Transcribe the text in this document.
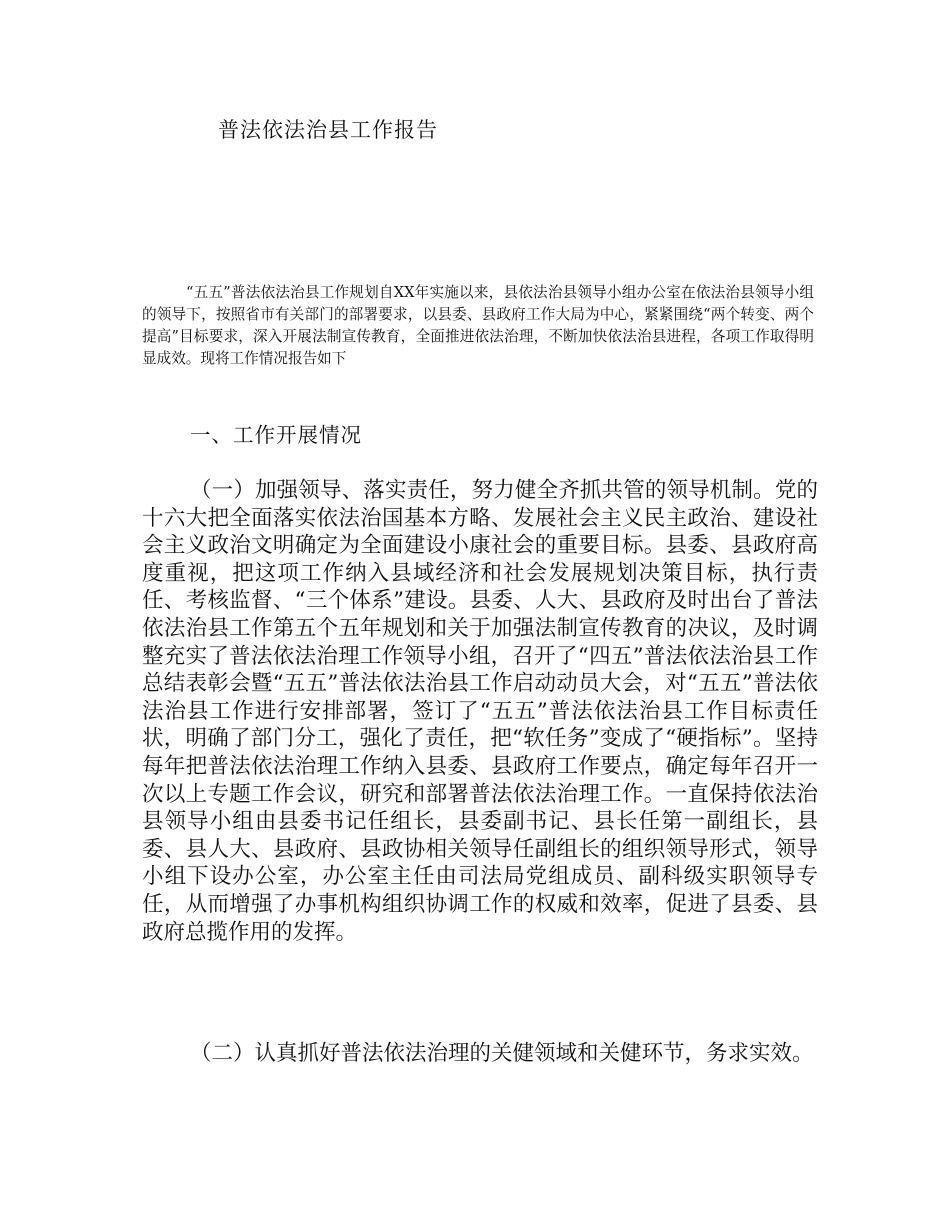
普法依法治县工作报告

“五五”普法依法治县工作规划自XX年实施以来，县依法治县领导小组办公室在依法治县领导小组的领导下，按照省市有关部门的部署要求，以县委、县政府工作大局为中心，紧紧围绕“两个转变、两个提高”目标要求，深入开展法制宣传教育，全面推进依法治理，不断加快依法治县进程，各项工作取得明显成效。现将工作情况报告如下

一、工作开展情况

（一）加强领导、落实责任，努力健全齐抓共管的领导机制。党的十六大把全面落实依法治国基本方略、发展社会主义民主政治、建设社会主义政治文明确定为全面建设小康社会的重要目标。县委、县政府高度重视，把这项工作纳入县域经济和社会发展规划决策目标，执行责任、考核监督、“三个体系”建设。县委、人大、县政府及时出台了普法依法治县工作第五个五年规划和关于加强法制宣传教育的决议，及时调整充实了普法依法治理工作领导小组，召开了“四五”普法依法治县工作总结表彰会暨“五五”普法依法治县工作启动动员大会，对“五五”普法依法治县工作进行安排部署，签订了“五五”普法依法治县工作目标责任状，明确了部门分工，强化了责任，把“软任务”变成了“硬指标”。坚持每年把普法依法治理工作纳入县委、县政府工作要点，确定每年召开一次以上专题工作会议，研究和部署普法依法治理工作。一直保持依法治县领导小组由县委书记任组长，县委副书记、县长任第一副组长，县委、县人大、县政府、县政协相关领导任副组长的组织领导形式，领导小组下设办公室，办公室主任由司法局党组成员、副科级实职领导专任，从而增强了办事机构组织协调工作的权威和效率，促进了县委、县政府总揽作用的发挥。

（二）认真抓好普法依法治理的关健领域和关健环节，务求实效。
